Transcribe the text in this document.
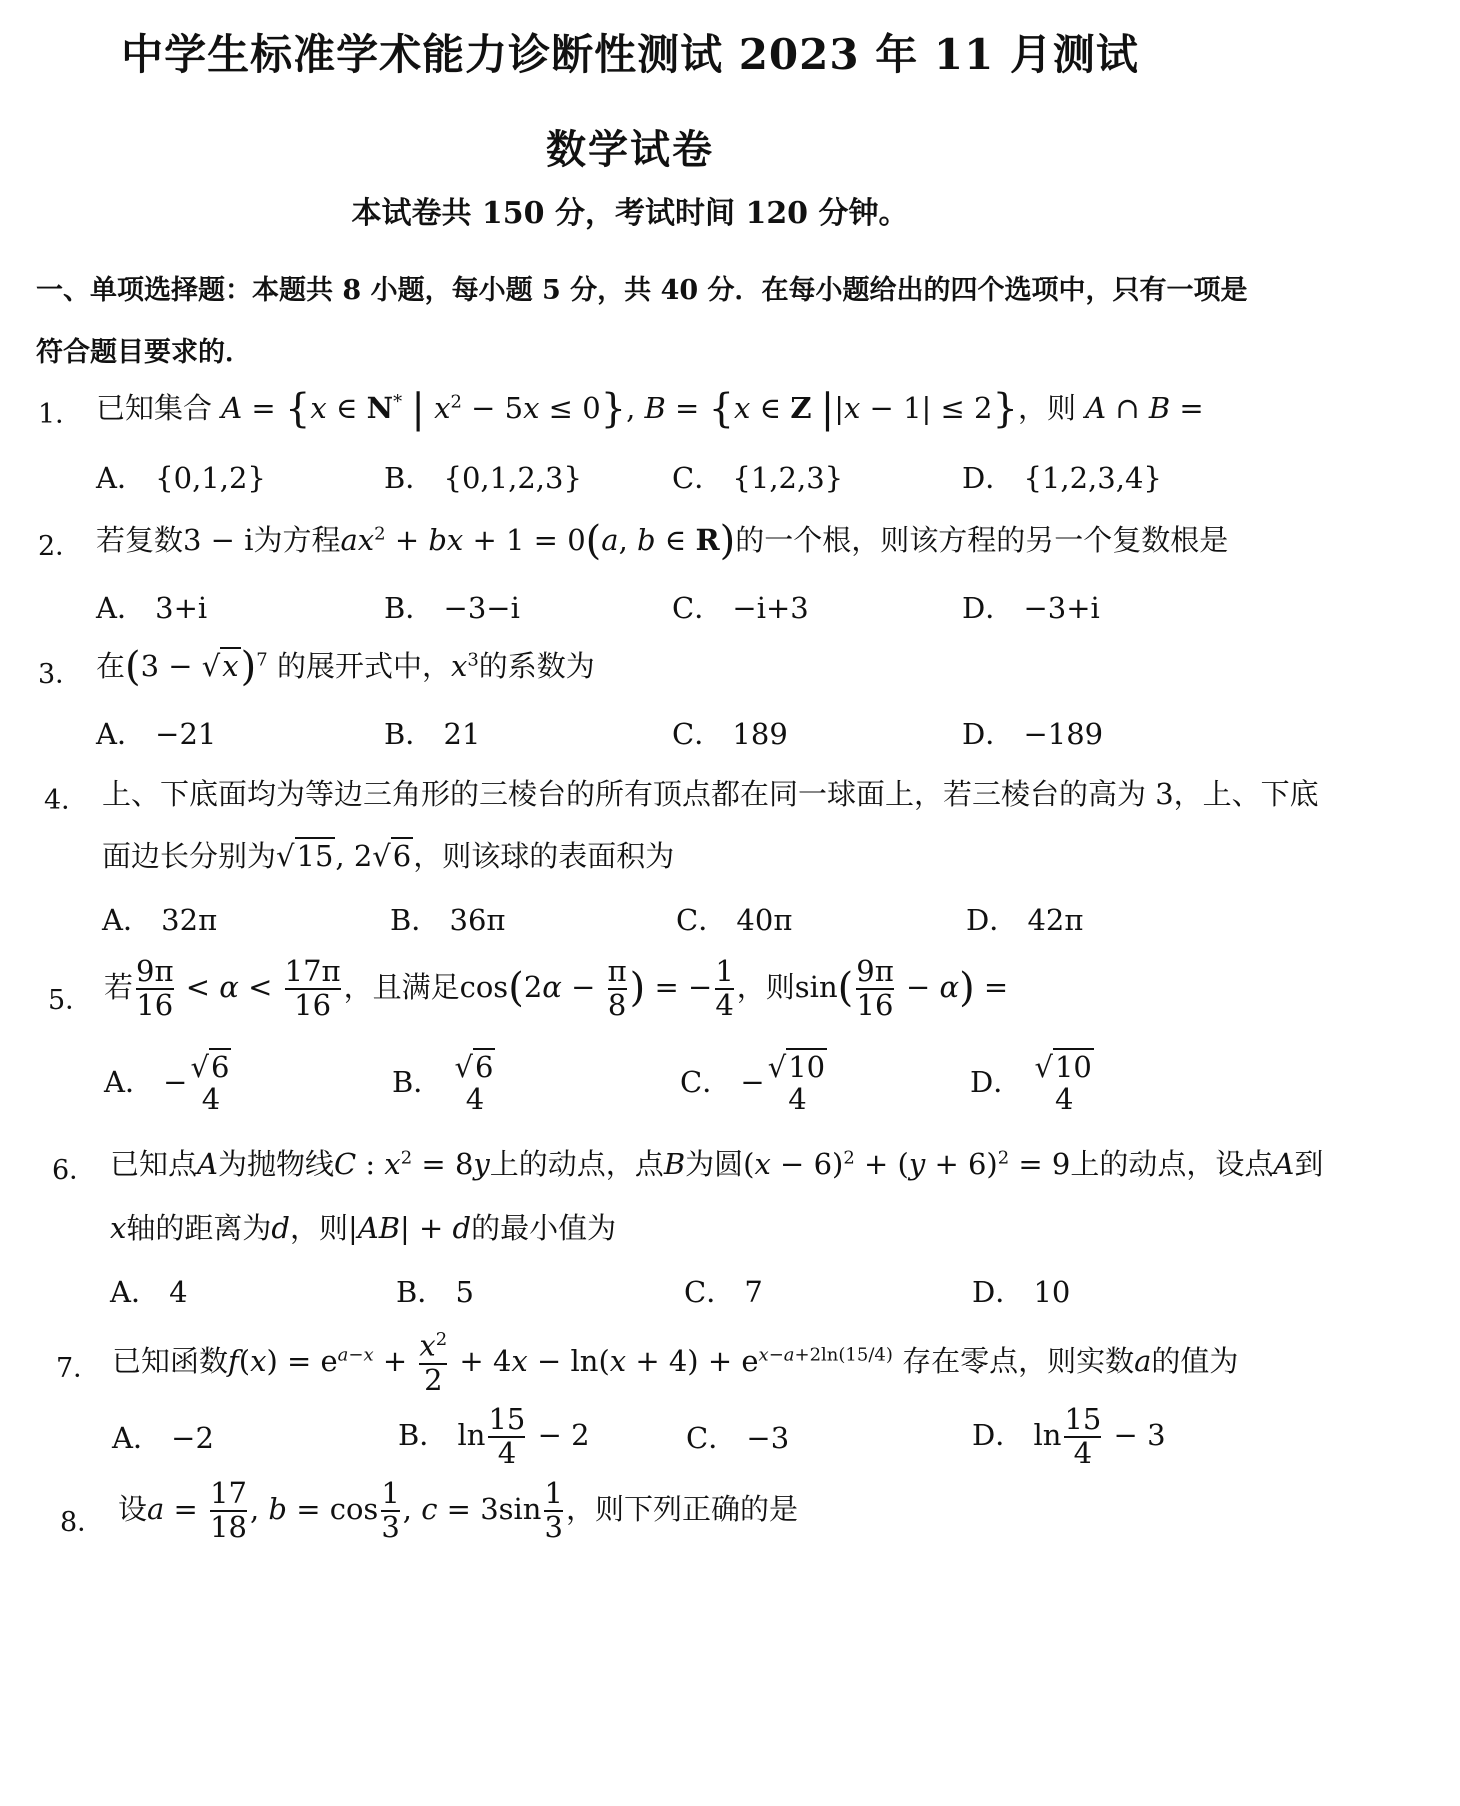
中学生标准学术能力诊断性测试 2023 年 11 月测试
数学试卷
本试卷共 150 分，考试时间 120 分钟。
一、单项选择题：本题共 8 小题，每小题 5 分，共 40 分．在每小题给出的四个选项中，只有一项是
符合题目要求的．
1． 已知集合 A = {x ∈ N* | $x^2 - 5x \le 0$}, B = {x ∈ Z ||x − 1| ≤ 2}，则 A ∩ B =
A． {0,1,2}	B． {0,1,2,3}	C． {1,2,3}	D． {1,2,3,4}
2． 若复数3 − i为方程$ax^2$ + bx + 1 = 0(a, b ∈ R)的一个根，则该方程的另一个复数根是
A． 3+i	B． −3−i	C． −i+3	D． −3+i
3． 在$(3 - √x)^7$ 的展开式中，$x^3$的系数为
A． −21	B． 21	C． 189	D． −189
4． 上、下底面均为等边三角形的三棱台的所有顶点都在同一球面上，若三棱台的高为 3，上、下底
面边长分别为√15, 2√6，则该球的表面积为
A． 32π	B． 36π	C． 40π	D． 42π
5． 若 $\frac{9\pi}{16} < \alpha < \frac{17\pi}{16}$ ，且满足$\cos(2\alpha - \frac{\pi}{8}$ ) = − $\frac{1}{4}$ ，则$\sin( \frac{9\pi}{16} - \alpha)$ =
A． − √6
4	B． √6
4	C． − √10
4	D． √10
4
6． 已知点A为抛物线C : $x^2 = 8y$上的动点，点B为圆$(x - 6)^2 + (y + 6)^2 = 9$上的动点，设点A到
x轴的距离为d，则|AB| + d的最小值为
A． 4	B． 5	C． 7	D． 10
7． 已知函数$f(x) = e^{a-x} + \frac{x^2}{2} + 4x - \ln(x + 4) + e^{x-a+2ln(15/4)}$ 存在零点，则实数a的值为
A． −2	B． $\ln \frac{15}{4} - 2$	C． −3	D． $\ln \frac{15}{4} - 3$
8． 设$a = \frac{17}{18}$ , $b = \cos \frac{1}{3}$ , $c = 3\sin \frac{1}{3}$ ，则下列正确的是
